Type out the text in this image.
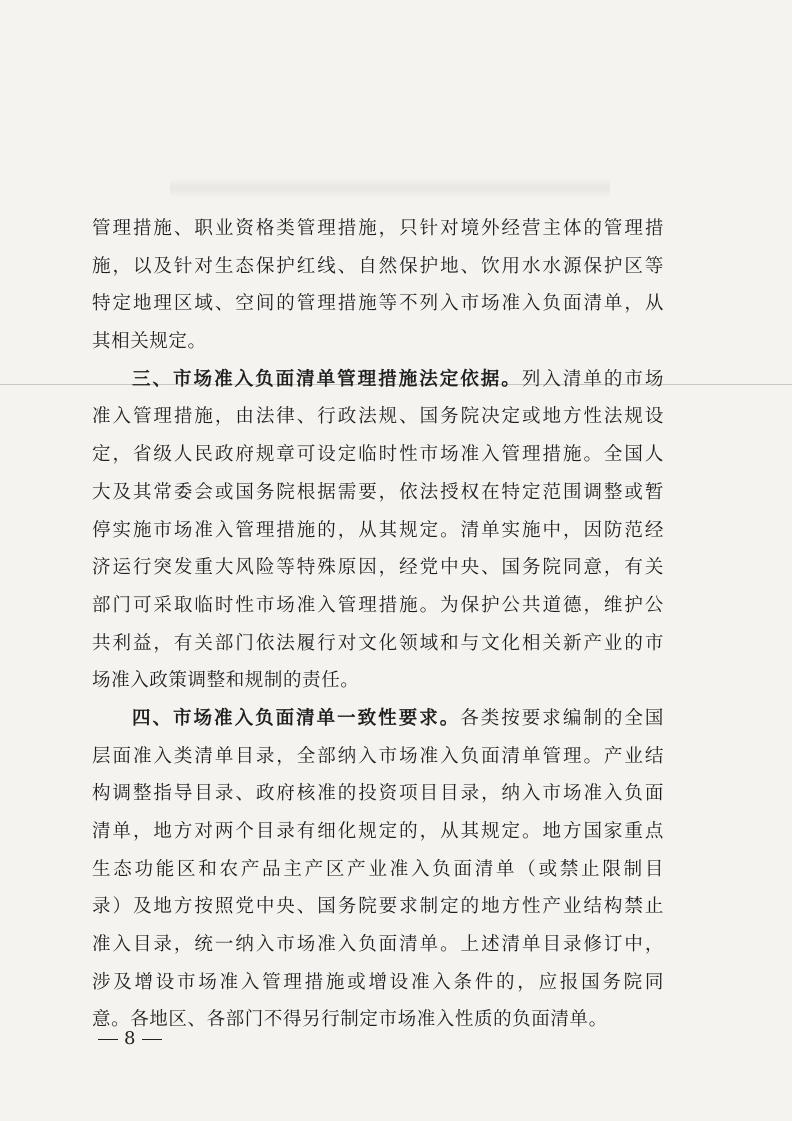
管理措施、职业资格类管理措施，只针对境外经营主体的管理措
施，以及针对生态保护红线、自然保护地、饮用水水源保护区等
特定地理区域、空间的管理措施等不列入市场准入负面清单，从
其相关规定。
三、市场准入负面清单管理措施法定依据。列入清单的市场
准入管理措施，由法律、行政法规、国务院决定或地方性法规设
定，省级人民政府规章可设定临时性市场准入管理措施。全国人
大及其常委会或国务院根据需要，依法授权在特定范围调整或暂
停实施市场准入管理措施的，从其规定。清单实施中，因防范经
济运行突发重大风险等特殊原因，经党中央、国务院同意，有关
部门可采取临时性市场准入管理措施。为保护公共道德，维护公
共利益，有关部门依法履行对文化领域和与文化相关新产业的市
场准入政策调整和规制的责任。
四、市场准入负面清单一致性要求。各类按要求编制的全国
层面准入类清单目录，全部纳入市场准入负面清单管理。产业结
构调整指导目录、政府核准的投资项目目录，纳入市场准入负面
清单，地方对两个目录有细化规定的，从其规定。地方国家重点
生态功能区和农产品主产区产业准入负面清单（或禁止限制目
录）及地方按照党中央、国务院要求制定的地方性产业结构禁止
准入目录，统一纳入市场准入负面清单。上述清单目录修订中，
涉及增设市场准入管理措施或增设准入条件的，应报国务院同
意。各地区、各部门不得另行制定市场准入性质的负面清单。
8
